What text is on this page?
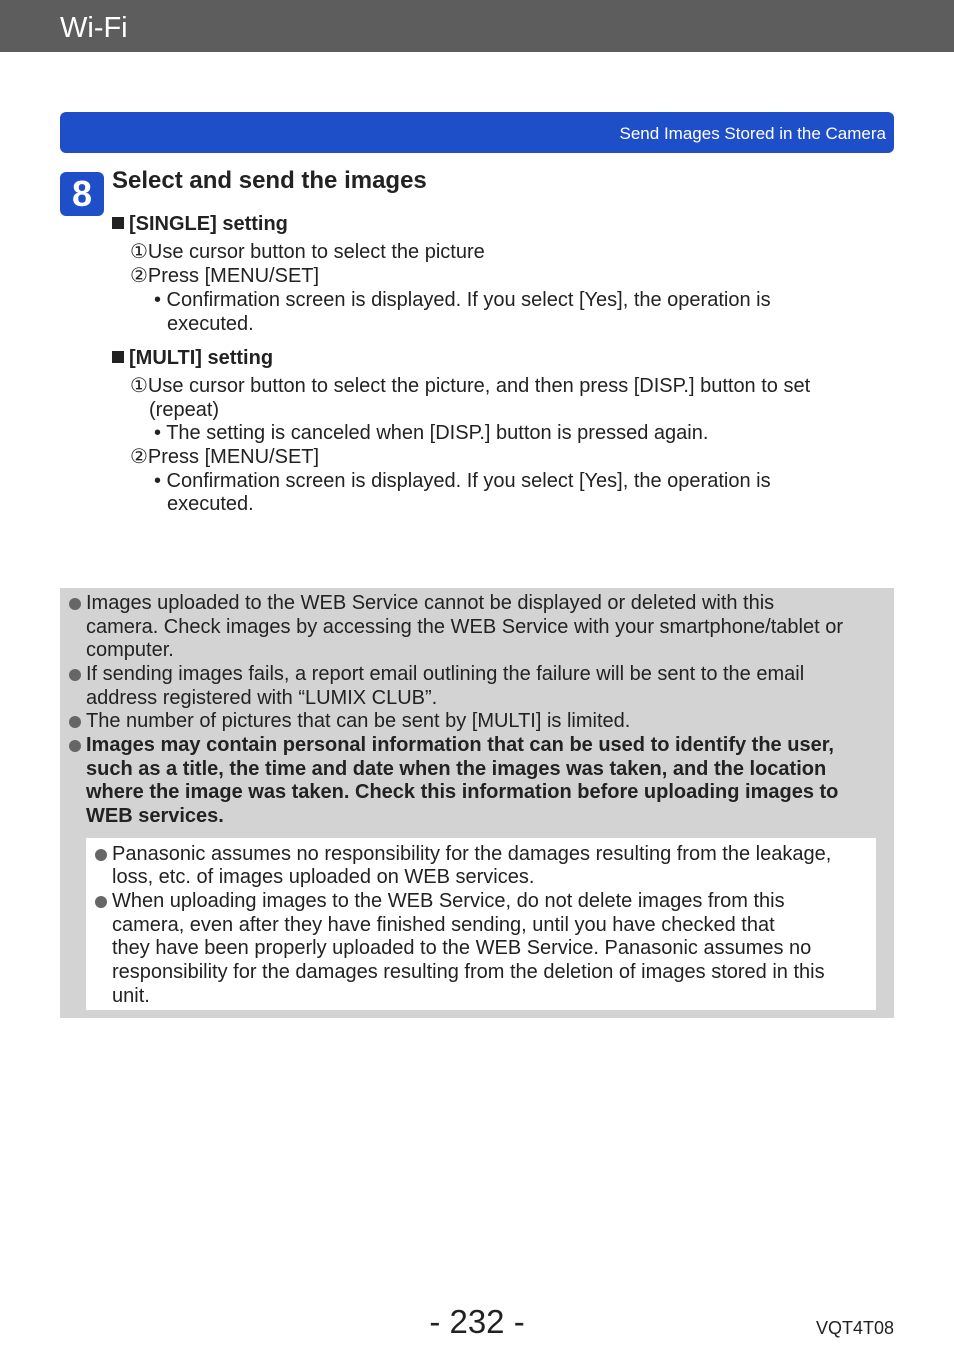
Wi-Fi
Send Images Stored in the Camera
8 Select and send the images
[SINGLE] setting
①Use cursor button to select the picture
②Press [MENU/SET]
• Confirmation screen is displayed. If you select [Yes], the operation is
executed.
[MULTI] setting
①Use cursor button to select the picture, and then press [DISP.] button to set
(repeat)
• The setting is canceled when [DISP.] button is pressed again.
②Press [MENU/SET]
• Confirmation screen is displayed. If you select [Yes], the operation is
executed.
Images uploaded to the WEB Service cannot be displayed or deleted with this
camera. Check images by accessing the WEB Service with your smartphone/tablet or
computer.
If sending images fails, a report email outlining the failure will be sent to the email
address registered with “LUMIX CLUB”.
The number of pictures that can be sent by [MULTI] is limited.
Images may contain personal information that can be used to identify the user,
such as a title, the time and date when the images was taken, and the location
where the image was taken. Check this information before uploading images to
WEB services.
Panasonic assumes no responsibility for the damages resulting from the leakage,
loss, etc. of images uploaded on WEB services.
When uploading images to the WEB Service, do not delete images from this
camera, even after they have finished sending, until you have checked that
they have been properly uploaded to the WEB Service. Panasonic assumes no
responsibility for the damages resulting from the deletion of images stored in this
unit.
- 232 -	VQT4T08
